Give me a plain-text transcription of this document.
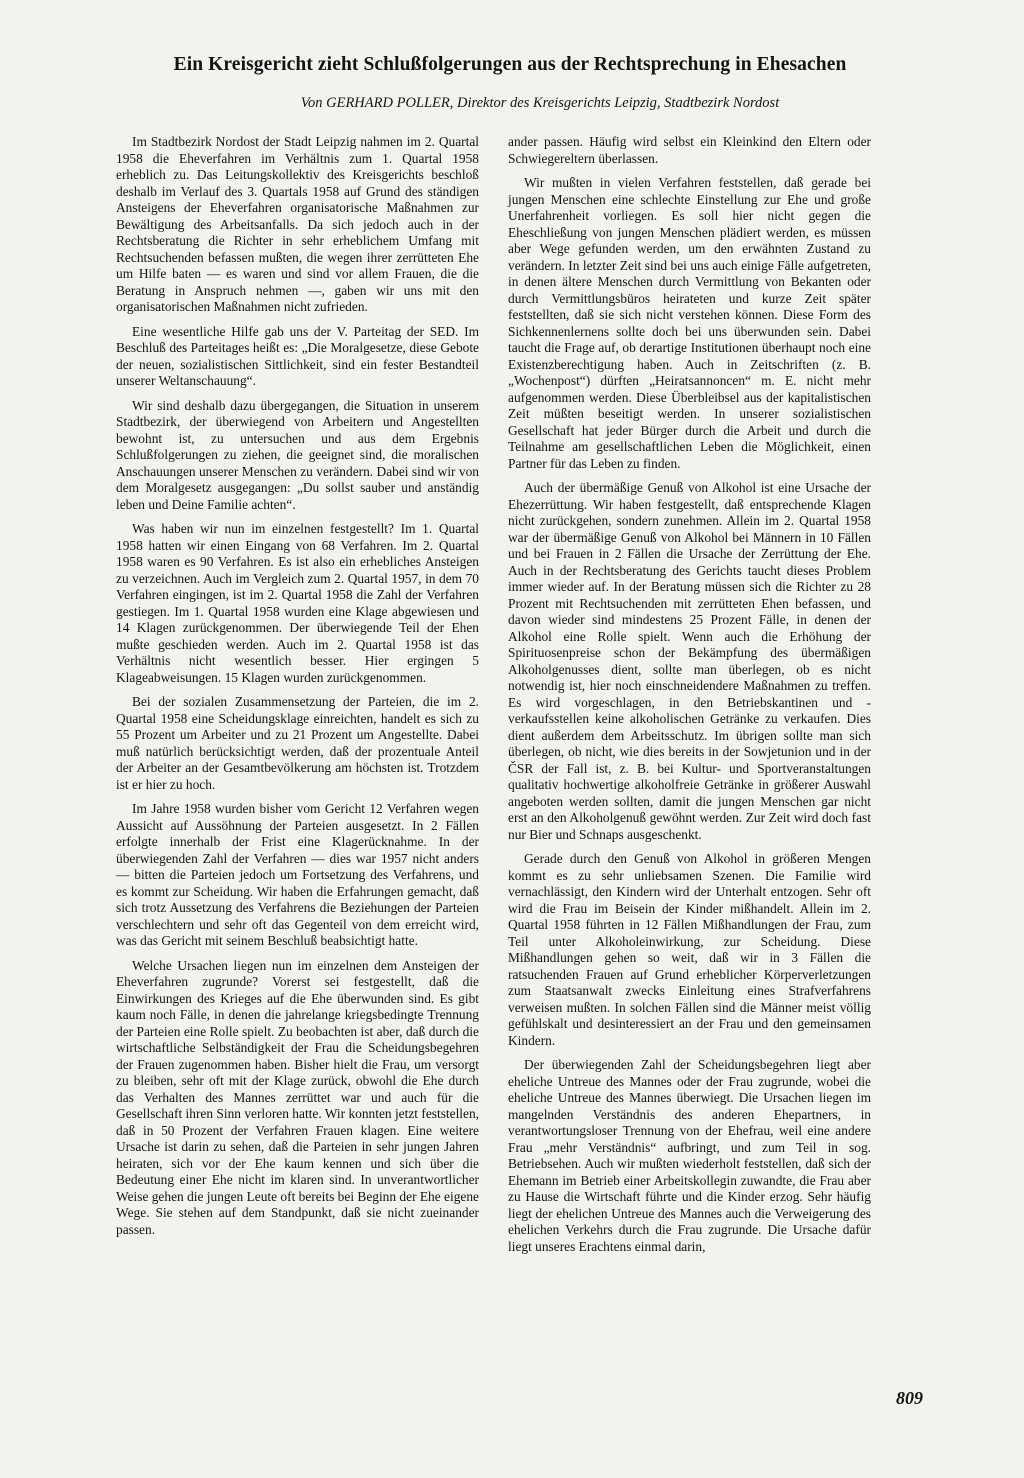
Ein Kreisgericht zieht Schlußfolgerungen aus der Rechtsprechung in Ehesachen
Von GERHARD POLLER, Direktor des Kreisgerichts Leipzig, Stadtbezirk Nordost

Im Stadtbezirk Nordost der Stadt Leipzig nahmen im 2. Quartal 1958 die Eheverfahren im Verhältnis zum 1. Quartal 1958 erheblich zu. Das Leitungskollektiv des Kreisgerichts beschloß deshalb im Verlauf des 3. Quartals 1958 auf Grund des ständigen Ansteigens der Eheverfahren organisatorische Maßnahmen zur Bewältigung des Arbeitsanfalls. Da sich jedoch auch in der Rechtsberatung die Richter in sehr erheblichem Umfang mit Rechtsuchenden befassen mußten, die wegen ihrer zerrütteten Ehe um Hilfe baten — es waren und sind vor allem Frauen, die die Beratung in Anspruch nehmen —, gaben wir uns mit den organisatorischen Maßnahmen nicht zufrieden.

Eine wesentliche Hilfe gab uns der V. Parteitag der SED. Im Beschluß des Parteitages heißt es: „Die Moralgesetze, diese Gebote der neuen, sozialistischen Sittlichkeit, sind ein fester Bestandteil unserer Weltanschauung“.

Wir sind deshalb dazu übergegangen, die Situation in unserem Stadtbezirk, der überwiegend von Arbeitern und Angestellten bewohnt ist, zu untersuchen und aus dem Ergebnis Schlußfolgerungen zu ziehen, die geeignet sind, die moralischen Anschauungen unserer Menschen zu verändern. Dabei sind wir von dem Moralgesetz ausgegangen: „Du sollst sauber und anständig leben und Deine Familie achten“.

Was haben wir nun im einzelnen festgestellt? Im 1. Quartal 1958 hatten wir einen Eingang von 68 Verfahren. Im 2. Quartal 1958 waren es 90 Verfahren. Es ist also ein erhebliches Ansteigen zu verzeichnen. Auch im Vergleich zum 2. Quartal 1957, in dem 70 Verfahren eingingen, ist im 2. Quartal 1958 die Zahl der Verfahren gestiegen. Im 1. Quartal 1958 wurden eine Klage abgewiesen und 14 Klagen zurückgenommen. Der überwiegende Teil der Ehen mußte geschieden werden. Auch im 2. Quartal 1958 ist das Verhältnis nicht wesentlich besser. Hier ergingen 5 Klageabweisungen. 15 Klagen wurden zurückgenommen.

Bei der sozialen Zusammensetzung der Parteien, die im 2. Quartal 1958 eine Scheidungsklage einreichten, handelt es sich zu 55 Prozent um Arbeiter und zu 21 Prozent um Angestellte. Dabei muß natürlich berücksichtigt werden, daß der prozentuale Anteil der Arbeiter an der Gesamtbevölkerung am höchsten ist. Trotzdem ist er hier zu hoch.

Im Jahre 1958 wurden bisher vom Gericht 12 Verfahren wegen Aussicht auf Aussöhnung der Parteien ausgesetzt. In 2 Fällen erfolgte innerhalb der Frist eine Klagerücknahme. In der überwiegenden Zahl der Verfahren — dies war 1957 nicht anders — bitten die Parteien jedoch um Fortsetzung des Verfahrens, und es kommt zur Scheidung. Wir haben die Erfahrungen gemacht, daß sich trotz Aussetzung des Verfahrens die Beziehungen der Parteien verschlechtern und sehr oft das Gegenteil von dem erreicht wird, was das Gericht mit seinem Beschluß beabsichtigt hatte.

Welche Ursachen liegen nun im einzelnen dem Ansteigen der Eheverfahren zugrunde? Vorerst sei festgestellt, daß die Einwirkungen des Krieges auf die Ehe überwunden sind. Es gibt kaum noch Fälle, in denen die jahrelange kriegsbedingte Trennung der Parteien eine Rolle spielt. Zu beobachten ist aber, daß durch die wirtschaftliche Selbständigkeit der Frau die Scheidungsbegehren der Frauen zugenommen haben. Bisher hielt die Frau, um versorgt zu bleiben, sehr oft mit der Klage zurück, obwohl die Ehe durch das Verhalten des Mannes zerrüttet war und auch für die Gesellschaft ihren Sinn verloren hatte. Wir konnten jetzt feststellen, daß in 50 Prozent der Verfahren Frauen klagen. Eine weitere Ursache ist darin zu sehen, daß die Parteien in sehr jungen Jahren heiraten, sich vor der Ehe kaum kennen und sich über die Bedeutung einer Ehe nicht im klaren sind. In unverantwortlicher Weise gehen die jungen Leute oft bereits bei Beginn der Ehe eigene Wege. Sie stehen auf dem Standpunkt, daß sie nicht zueinander passen.

ander passen. Häufig wird selbst ein Kleinkind den Eltern oder Schwiegereltern überlassen.

Wir mußten in vielen Verfahren feststellen, daß gerade bei jungen Menschen eine schlechte Einstellung zur Ehe und große Unerfahrenheit vorliegen. Es soll hier nicht gegen die Eheschließung von jungen Menschen plädiert werden, es müssen aber Wege gefunden werden, um den erwähnten Zustand zu verändern. In letzter Zeit sind bei uns auch einige Fälle aufgetreten, in denen ältere Menschen durch Vermittlung von Bekanten oder durch Vermittlungsbüros heirateten und kurze Zeit später feststellten, daß sie sich nicht verstehen können. Diese Form des Sichkennenlernens sollte doch bei uns überwunden sein. Dabei taucht die Frage auf, ob derartige Institutionen überhaupt noch eine Existenzberechtigung haben. Auch in Zeitschriften (z. B. „Wochenpost“) dürften „Heiratsannoncen“ m. E. nicht mehr aufgenommen werden. Diese Überbleibsel aus der kapitalistischen Zeit müßten beseitigt werden. In unserer sozialistischen Gesellschaft hat jeder Bürger durch die Arbeit und durch die Teilnahme am gesellschaftlichen Leben die Möglichkeit, einen Partner für das Leben zu finden.

Auch der übermäßige Genuß von Alkohol ist eine Ursache der Ehezerrüttung. Wir haben festgestellt, daß entsprechende Klagen nicht zurückgehen, sondern zunehmen. Allein im 2. Quartal 1958 war der übermäßige Genuß von Alkohol bei Männern in 10 Fällen und bei Frauen in 2 Fällen die Ursache der Zerrüttung der Ehe. Auch in der Rechtsberatung des Gerichts taucht dieses Problem immer wieder auf. In der Beratung müssen sich die Richter zu 28 Prozent mit Rechtsuchenden mit zerrütteten Ehen befassen, und davon wieder sind mindestens 25 Prozent Fälle, in denen der Alkohol eine Rolle spielt. Wenn auch die Erhöhung der Spirituosenpreise schon der Bekämpfung des übermäßigen Alkoholgenusses dient, sollte man überlegen, ob es nicht notwendig ist, hier noch einschneidendere Maßnahmen zu treffen. Es wird vorgeschlagen, in den Betriebskantinen und -verkaufsstellen keine alkoholischen Getränke zu verkaufen. Dies dient außerdem dem Arbeitsschutz. Im übrigen sollte man sich überlegen, ob nicht, wie dies bereits in der Sowjetunion und in der ČSR der Fall ist, z. B. bei Kultur- und Sportveranstaltungen qualitativ hochwertige alkoholfreie Getränke in größerer Auswahl angeboten werden sollten, damit die jungen Menschen gar nicht erst an den Alkoholgenuß gewöhnt werden. Zur Zeit wird doch fast nur Bier und Schnaps ausgeschenkt.

Gerade durch den Genuß von Alkohol in größeren Mengen kommt es zu sehr unliebsamen Szenen. Die Familie wird vernachlässigt, den Kindern wird der Unterhalt entzogen. Sehr oft wird die Frau im Beisein der Kinder mißhandelt. Allein im 2. Quartal 1958 führten in 12 Fällen Mißhandlungen der Frau, zum Teil unter Alkoholeinwirkung, zur Scheidung. Diese Mißhandlungen gehen so weit, daß wir in 3 Fällen die ratsuchenden Frauen auf Grund erheblicher Körperverletzungen zum Staatsanwalt zwecks Einleitung eines Strafverfahrens verweisen mußten. In solchen Fällen sind die Männer meist völlig gefühlskalt und desinteressiert an der Frau und den gemeinsamen Kindern.

Der überwiegenden Zahl der Scheidungsbegehren liegt aber eheliche Untreue des Mannes oder der Frau zugrunde, wobei die eheliche Untreue des Mannes überwiegt. Die Ursachen liegen im mangelnden Verständnis des anderen Ehepartners, in verantwortungsloser Trennung von der Ehefrau, weil eine andere Frau „mehr Verständnis“ aufbringt, und zum Teil in sog. Betriebsehen. Auch wir mußten wiederholt feststellen, daß sich der Ehemann im Betrieb einer Arbeitskollegin zuwandte, die Frau aber zu Hause die Wirtschaft führte und die Kinder erzog. Sehr häufig liegt der ehelichen Untreue des Mannes auch die Verweigerung des ehelichen Verkehrs durch die Frau zugrunde. Die Ursache dafür liegt unseres Erachtens einmal darin,

809
